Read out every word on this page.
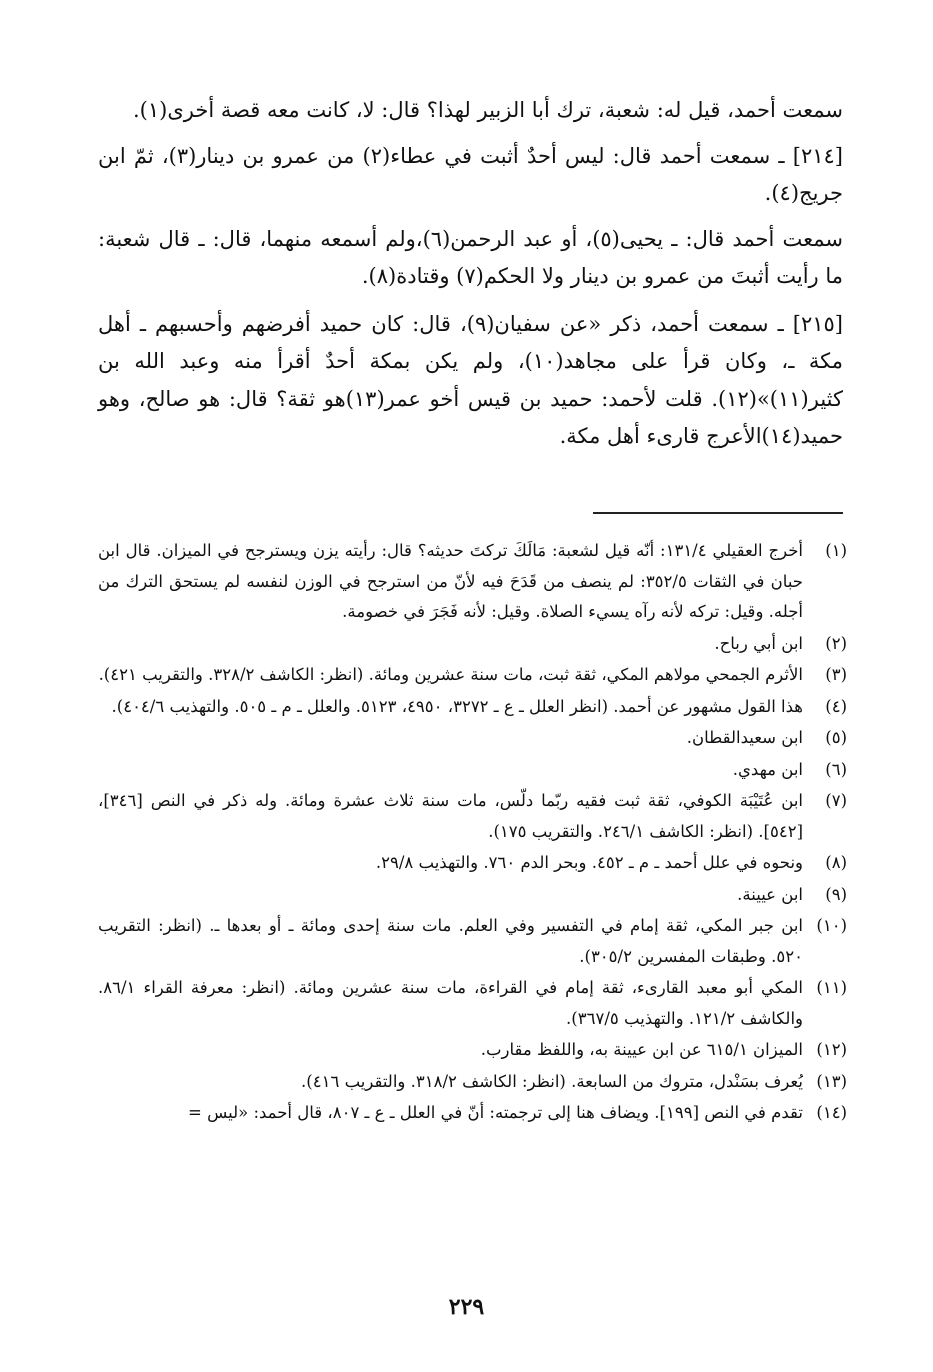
سمعت أحمد، قيل له: شعبة، ترك أبا الزبير لهذا؟ قال: لا، كانت معه قصة أخرى(١).

[٢١٤] ـ سمعت أحمد قال: ليس أحدٌ أثبت في عطاء(٢) من عمرو بن دينار(٣)، ثمّ ابن جريج(٤).

سمعت أحمد قال: ـ يحيى(٥)، أو عبد الرحمن(٦)،ولم أسمعه منهما، قال: ـ قال شعبة: ما رأيت أثبتَ من عمرو بن دينار ولا الحكم(٧) وقتادة(٨).

[٢١٥] ـ سمعت أحمد، ذكر «عن سفيان(٩)، قال: كان حميد أفرضهم وأحسبهم ـ أهل مكة ـ، وكان قرأ على مجاهد(١٠)، ولم يكن بمكة أحدٌ أقرأ منه وعبد الله بن كثير(١١)»(١٢). قلت لأحمد: حميد بن قيس أخو عمر(١٣)هو ثقة؟ قال: هو صالح، وهو حميد(١٤)الأعرج قارىء أهل مكة.

(١)
أخرج العقيلي ١٣١/٤: أنّه قيل لشعبة: مَالَكَ تركتَ حديثه؟ قال: رأيته يزن ويسترجح في الميزان. قال ابن حبان في الثقات ٣٥٢/٥: لم ينصف من قَدَحَ فيه لأنّ من استرجح في الوزن لنفسه لم يستحق الترك من أجله. وقيل: تركه لأنه رآه يسيء الصلاة. وقيل: لأنه فَجَرَ في خصومة.
(٢)
ابن أبي رباح.
(٣)
الأثرم الجمحي مولاهم المكي، ثقة ثبت، مات سنة عشرين ومائة. (انظر: الكاشف ٣٢٨/٢. والتقريب ٤٢١).
(٤)
هذا القول مشهور عن أحمد. (انظر العلل ـ ع ـ ٣٢٧٢، ٤٩٥٠، ٥١٢٣. والعلل ـ م ـ ٥٠٥. والتهذيب ٤٠٤/٦).
(٥)
ابن سعيدالقطان.
(٦)
ابن مهدي.
(٧)
ابن عُتَيْبَة الكوفي، ثقة ثبت فقيه ربّما دلّس، مات سنة ثلاث عشرة ومائة. وله ذكر في النص [٣٤٦]، [٥٤٢]. (انظر: الكاشف ٢٤٦/١. والتقريب ١٧٥).
(٨)
ونحوه في علل أحمد ـ م ـ ٤٥٢. وبحر الدم ٧٦٠. والتهذيب ٢٩/٨.
(٩)
ابن عيينة.
(١٠)
ابن جبر المكي، ثقة إمام في التفسير وفي العلم. مات سنة إحدى ومائة ـ أو بعدها ـ. (انظر: التقريب ٥٢٠. وطبقات المفسرين ٣٠٥/٢).
(١١)
المكي أبو معبد القارىء، ثقة إمام في القراءة، مات سنة عشرين ومائة. (انظر: معرفة القراء ٨٦/١. والكاشف ١٢١/٢. والتهذيب ٣٦٧/٥).
(١٢)
الميزان ٦١٥/١ عن ابن عيينة به، واللفظ مقارب.
(١٣)
يُعرف بسَنْدل، متروك من السابعة. (انظر: الكاشف ٣١٨/٢. والتقريب ٤١٦).
(١٤)
تقدم في النص [١٩٩]. ويضاف هنا إلى ترجمته: أنّ في العلل ـ ع ـ ٨٠٧، قال أحمد: «ليس =
٢٢٩
